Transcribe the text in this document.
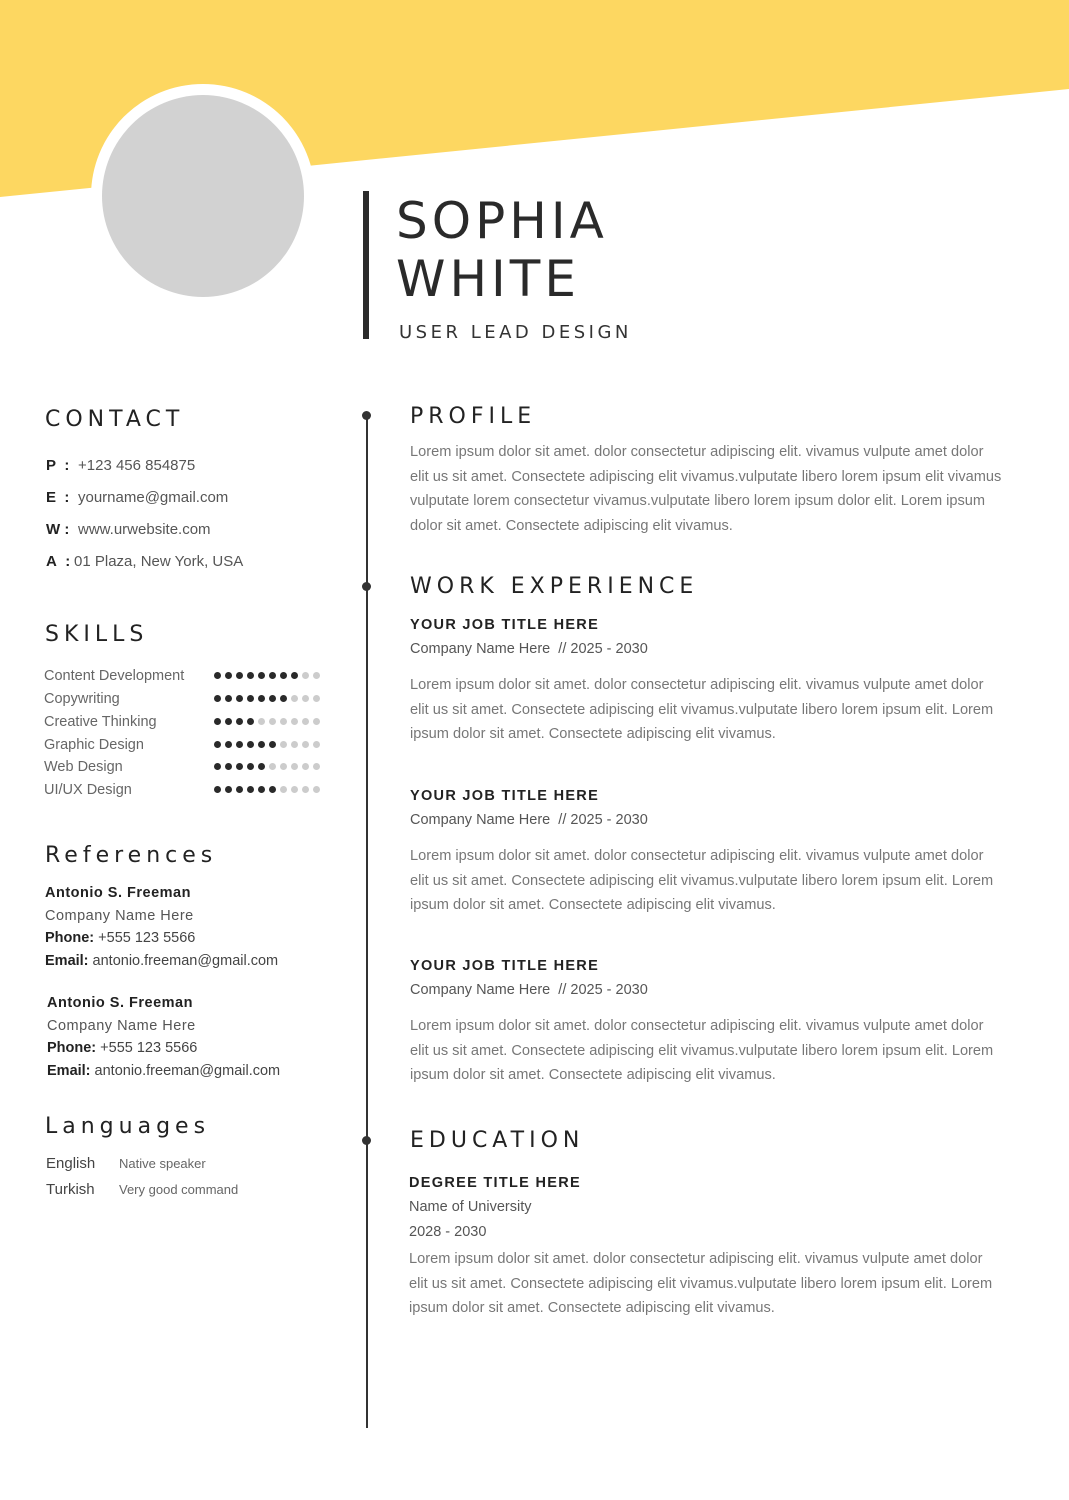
SOPHIA
WHITE
USER LEAD DESIGN
CONTACT
P : +123 456 854875
E : yourname@gmail.com
W : www.urwebsite.com
A : 01 Plaza, New York, USA
SKILLS
Content Development
Copywriting
Creative Thinking
Graphic Design
Web Design
UI/UX Design
References
Antonio S. Freeman
Company Name Here
Phone: +555 123 5566
Email: antonio.freeman@gmail.com
Antonio S. Freeman
Company Name Here
Phone: +555 123 5566
Email: antonio.freeman@gmail.com
Languages
English Native speaker
Turkish Very good command
PROFILE
Lorem ipsum dolor sit amet. dolor consectetur adipiscing elit. vivamus vulpute amet dolor elit us sit amet. Consectete adipiscing elit vivamus.vulputate libero lorem ipsum elit vivamus vulputate lorem consectetur vivamus.vulputate libero lorem ipsum dolor elit. Lorem ipsum dolor sit amet. Consectete adipiscing elit vivamus.
WORK EXPERIENCE
YOUR JOB TITLE HERE
Company Name Here // 2025 - 2030
Lorem ipsum dolor sit amet. dolor consectetur adipiscing elit. vivamus vulpute amet dolor elit us sit amet. Consectete adipiscing elit vivamus.vulputate libero lorem ipsum elit. Lorem ipsum dolor sit amet. Consectete adipiscing elit vivamus.
YOUR JOB TITLE HERE
Company Name Here // 2025 - 2030
Lorem ipsum dolor sit amet. dolor consectetur adipiscing elit. vivamus vulpute amet dolor elit us sit amet. Consectete adipiscing elit vivamus.vulputate libero lorem ipsum elit. Lorem ipsum dolor sit amet. Consectete adipiscing elit vivamus.
YOUR JOB TITLE HERE
Company Name Here // 2025 - 2030
Lorem ipsum dolor sit amet. dolor consectetur adipiscing elit. vivamus vulpute amet dolor elit us sit amet. Consectete adipiscing elit vivamus.vulputate libero lorem ipsum elit. Lorem ipsum dolor sit amet. Consectete adipiscing elit vivamus.
EDUCATION
DEGREE TITLE HERE
Name of University
2028 - 2030
Lorem ipsum dolor sit amet. dolor consectetur adipiscing elit. vivamus vulpute amet dolor elit us sit amet. Consectete adipiscing elit vivamus.vulputate libero lorem ipsum elit. Lorem ipsum dolor sit amet. Consectete adipiscing elit vivamus.
